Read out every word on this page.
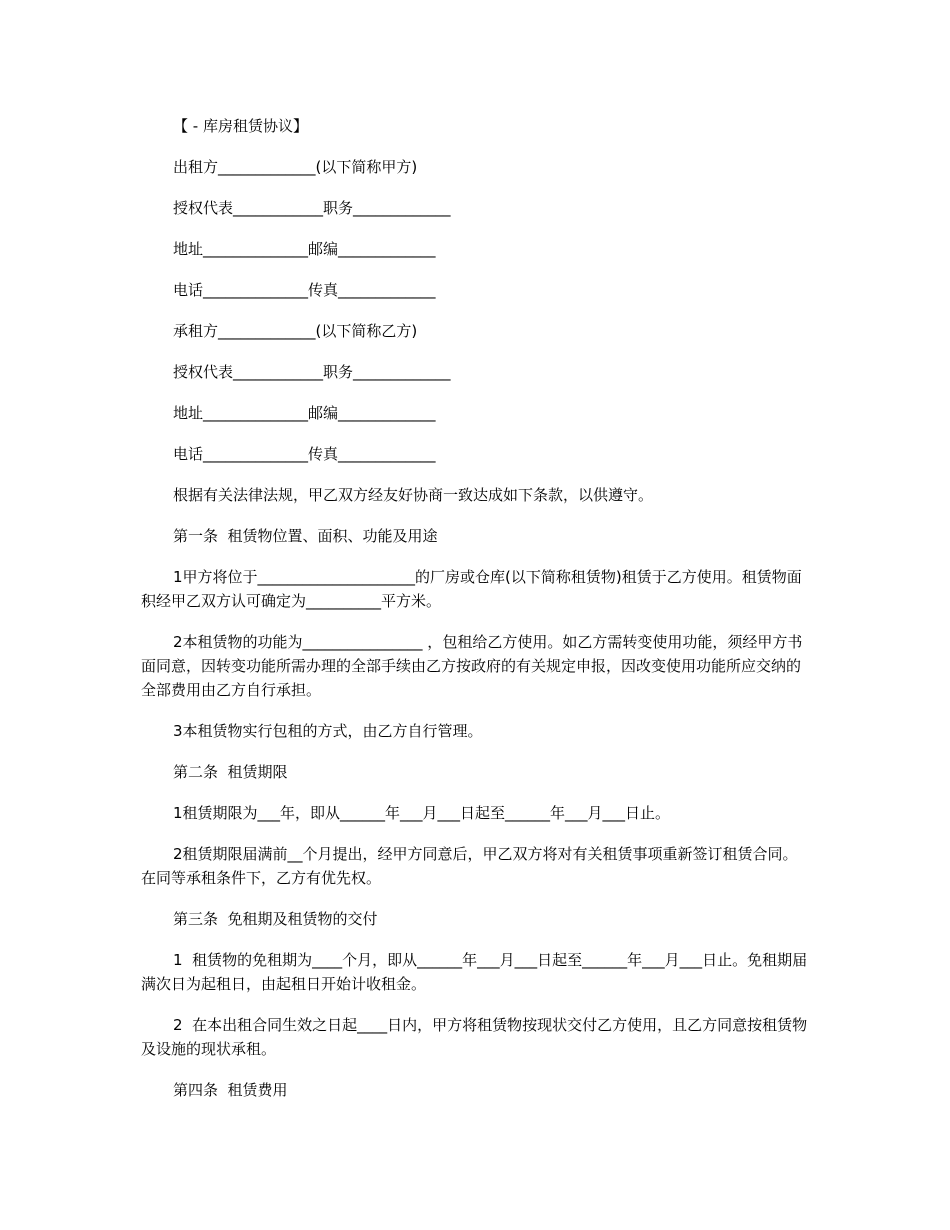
【 - 库房租赁协议】

出租方_____________(以下简称甲方)

授权代表____________职务_____________

地址______________邮编_____________

电话______________传真_____________

承租方_____________(以下简称乙方)

授权代表____________职务_____________

地址______________邮编_____________

电话______________传真_____________

根据有关法律法规，甲乙双方经友好协商一致达成如下条款，以供遵守。

第一条  租赁物位置、面积、功能及用途

1甲方将位于_____________________的厂房或仓库(以下简称租赁物)租赁于乙方使用。租赁物面积经甲乙双方认可确定为__________平方米。

2本租赁物的功能为________________ ，包租给乙方使用。如乙方需转变使用功能，须经甲方书面同意，因转变功能所需办理的全部手续由乙方按政府的有关规定申报，因改变使用功能所应交纳的全部费用由乙方自行承担。

3本租赁物实行包租的方式，由乙方自行管理。

第二条  租赁期限

1租赁期限为___年，即从______年___月___日起至______年___月___日止。

2租赁期限届满前__个月提出，经甲方同意后，甲乙双方将对有关租赁事项重新签订租赁合同。在同等承租条件下，乙方有优先权。

第三条  免租期及租赁物的交付

1  租赁物的免租期为____个月，即从______年___月___日起至______年___月___日止。免租期届满次日为起租日，由起租日开始计收租金。

2  在本出租合同生效之日起____日内，甲方将租赁物按现状交付乙方使用，且乙方同意按租赁物及设施的现状承租。

第四条  租赁费用
